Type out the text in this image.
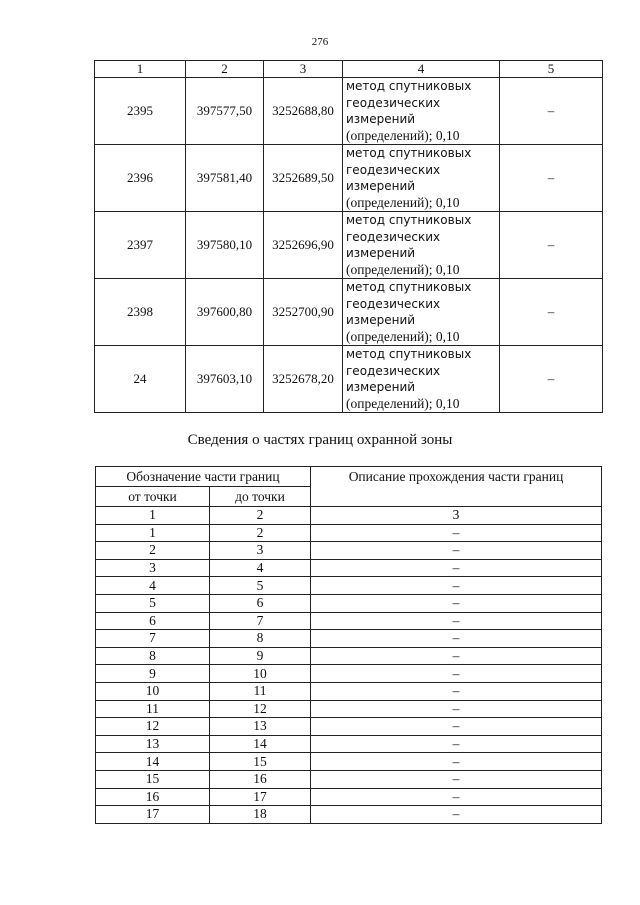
276
1	2	3	4	5
2395	397577,50	3252688,80	метод спутниковых
геодезических
измерений
(определений); 0,10	–
2396	397581,40	3252689,50	метод спутниковых
геодезических
измерений
(определений); 0,10	–
2397	397580,10	3252696,90	метод спутниковых
геодезических
измерений
(определений); 0,10	–
2398	397600,80	3252700,90	метод спутниковых
геодезических
измерений
(определений); 0,10	–
24	397603,10	3252678,20	метод спутниковых
геодезических
измерений
(определений); 0,10	–
Сведения о частях границ охранной зоны
Обозначение части границ		Описание прохождения части границ
от точки	до точки	
1	2	3
1	2	–
2	3	–
3	4	–
4	5	–
5	6	–
6	7	–
7	8	–
8	9	–
9	10	–
10	11	–
11	12	–
12	13	–
13	14	–
14	15	–
15	16	–
16	17	–
17	18	–
